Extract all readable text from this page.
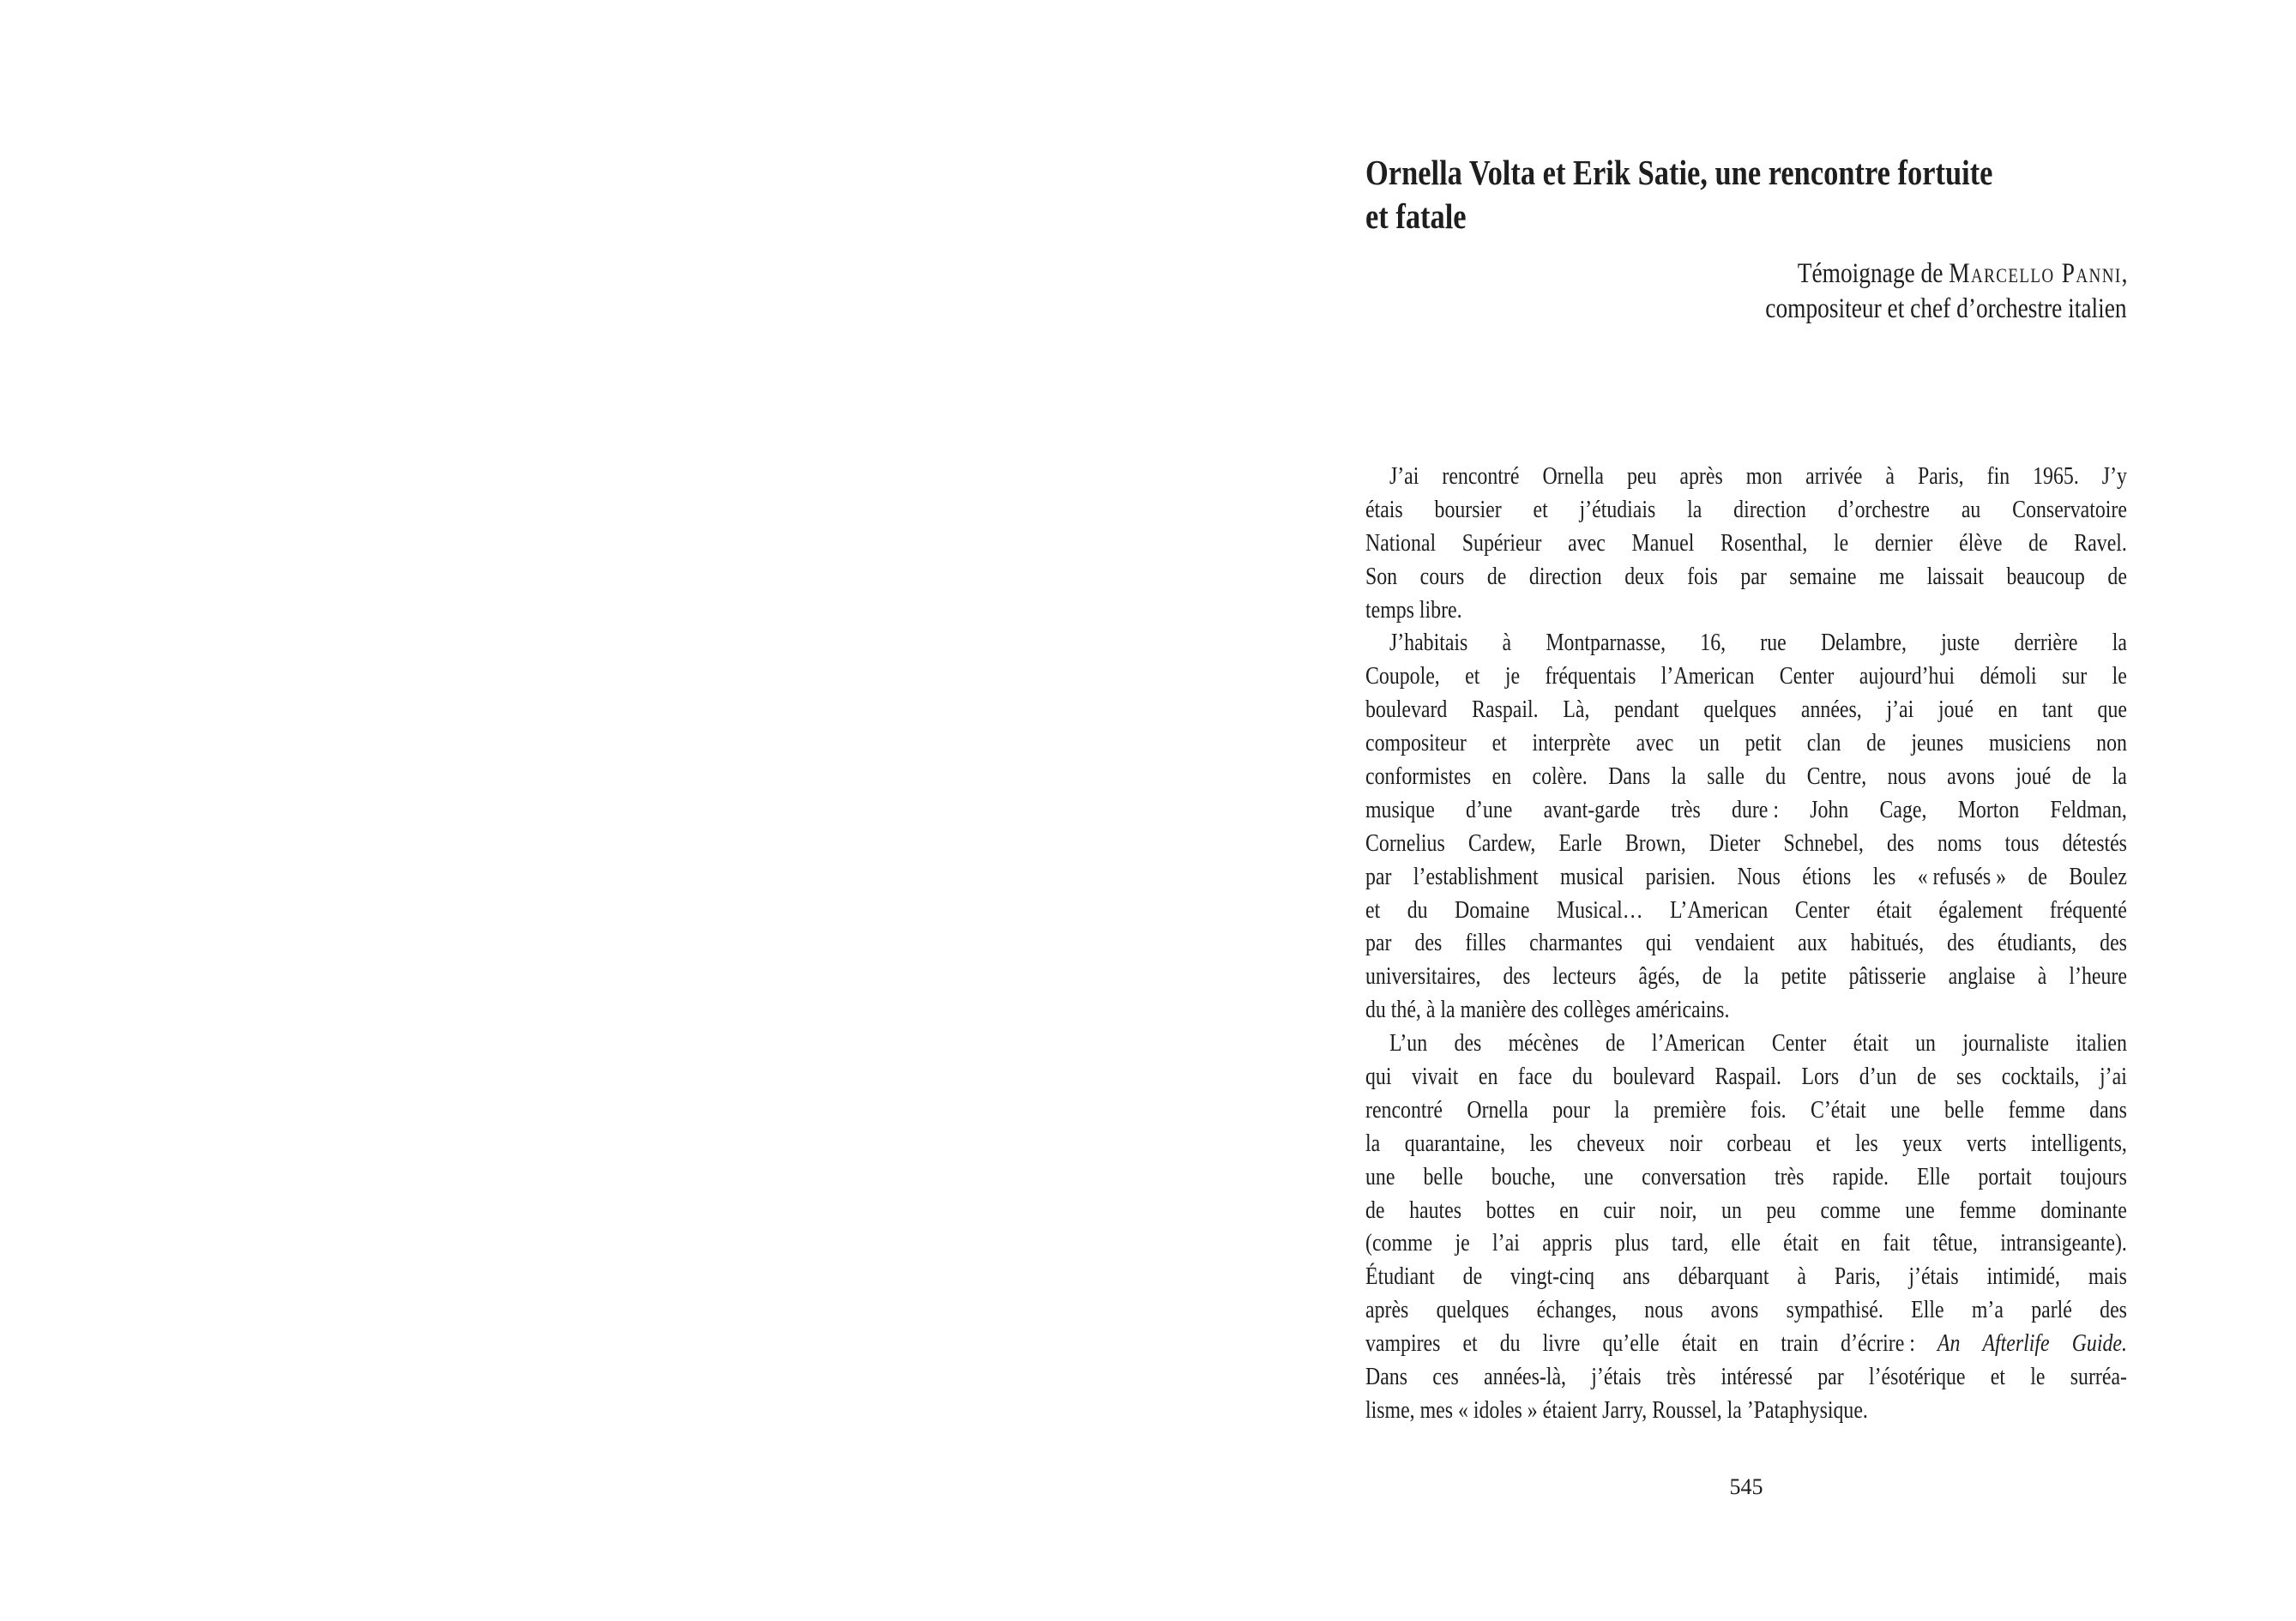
Ornella Volta et Erik Satie, une rencontre fortuite
et fatale
Témoignage de Marcello Panni,
compositeur et chef d’orchestre italien
J’ai rencontré Ornella peu après mon arrivée à Paris, fin 1965. J’y
étais boursier et j’étudiais la direction d’orchestre au Conservatoire
National Supérieur avec Manuel Rosenthal, le dernier élève de Ravel.
Son cours de direction deux fois par semaine me laissait beaucoup de
temps libre.
J’habitais à Montparnasse, 16, rue Delambre, juste derrière la
Coupole, et je fréquentais l’American Center aujourd’hui démoli sur le
boulevard Raspail. Là, pendant quelques années, j’ai joué en tant que
compositeur et interprète avec un petit clan de jeunes musiciens non
conformistes en colère. Dans la salle du Centre, nous avons joué de la
musique d’une avant-garde très dure : John Cage, Morton Feldman,
Cornelius Cardew, Earle Brown, Dieter Schnebel, des noms tous détestés
par l’establishment musical parisien. Nous étions les « refusés » de Boulez
et du Domaine Musical… L’American Center était également fréquenté
par des filles charmantes qui vendaient aux habitués, des étudiants, des
universitaires, des lecteurs âgés, de la petite pâtisserie anglaise à l’heure
du thé, à la manière des collèges américains.
L’un des mécènes de l’American Center était un journaliste italien
qui vivait en face du boulevard Raspail. Lors d’un de ses cocktails, j’ai
rencontré Ornella pour la première fois. C’était une belle femme dans
la quarantaine, les cheveux noir corbeau et les yeux verts intelligents,
une belle bouche, une conversation très rapide. Elle portait toujours
de hautes bottes en cuir noir, un peu comme une femme dominante
(comme je l’ai appris plus tard, elle était en fait têtue, intransigeante).
Étudiant de vingt-cinq ans débarquant à Paris, j’étais intimidé, mais
après quelques échanges, nous avons sympathisé. Elle m’a parlé des
vampires et du livre qu’elle était en train d’écrire : An Afterlife Guide.
Dans ces années-là, j’étais très intéressé par l’ésotérique et le surréa-
lisme, mes « idoles » étaient Jarry, Roussel, la ’Pataphysique.
545
